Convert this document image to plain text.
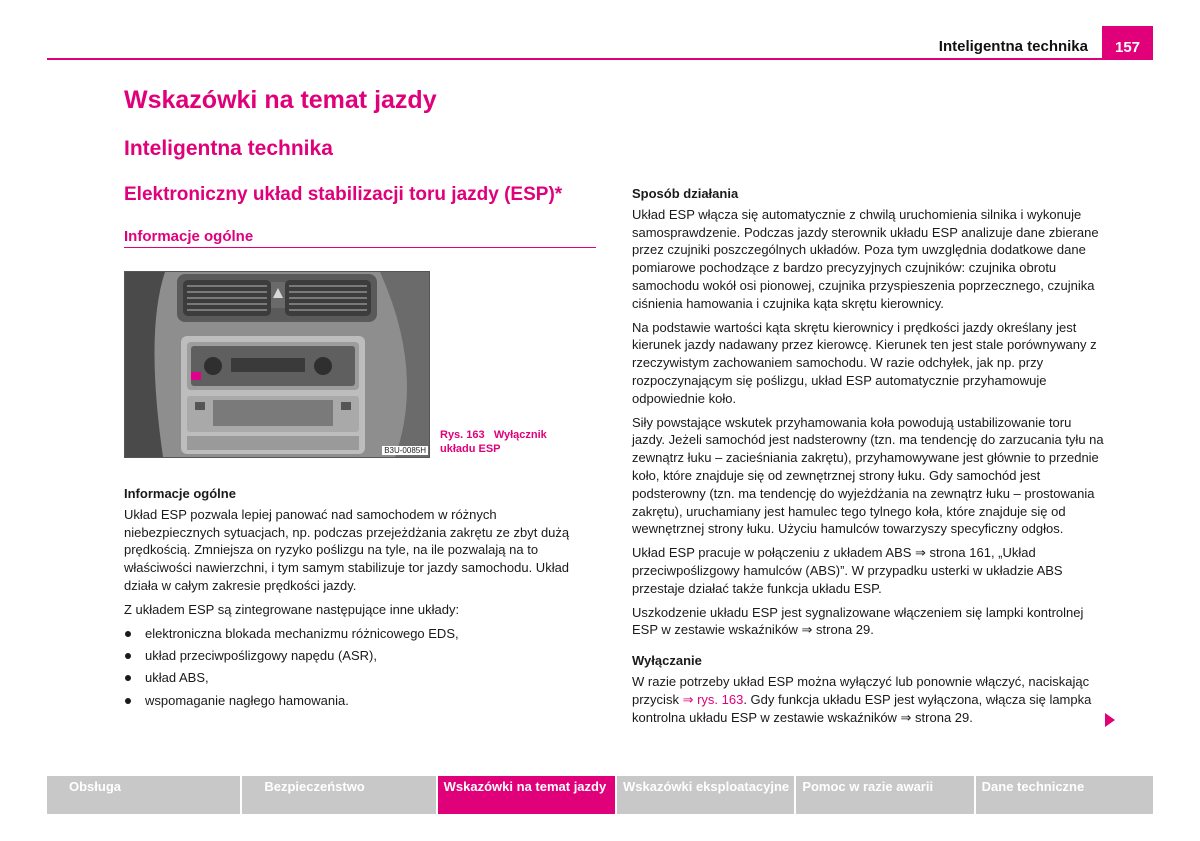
Inteligentna technika	157
Wskazówki na temat jazdy
Inteligentna technika
Elektroniczny układ stabilizacji toru jazdy (ESP)*
Informacje ogólne
B3U-0085H
Rys. 163   Wyłącznik
układu ESP

Informacje ogólne

Układ ESP pozwala lepiej panować nad samochodem w różnych niebezpiecznych sytuacjach, np. podczas przejeżdżania zakrętu ze zbyt dużą prędkością. Zmniejsza on ryzyko poślizgu na tyle, na ile pozwalają na to właściwości nawierzchni, i tym samym stabilizuje tor jazdy samochodu. Układ działa w całym zakresie prędkości jazdy.

Z układem ESP są zintegrowane następujące inne układy:

elektroniczna blokada mechanizmu różnicowego EDS,
układ przeciwpoślizgowy napędu (ASR),
układ ABS,
wspomaganie nagłego hamowania.

Sposób działania

Układ ESP włącza się automatycznie z chwilą uruchomienia silnika i wykonuje samosprawdzenie. Podczas jazdy sterownik układu ESP analizuje dane zbierane przez czujniki poszczególnych układów. Poza tym uwzględnia dodatkowe dane pomiarowe pochodzące z bardzo precyzyjnych czujników: czujnika obrotu samochodu wokół osi pionowej, czujnika przyspieszenia poprzecznego, czujnika ciśnienia hamowania i czujnika kąta skrętu kierownicy.

Na podstawie wartości kąta skrętu kierownicy i prędkości jazdy określany jest kierunek jazdy nadawany przez kierowcę. Kierunek ten jest stale porównywany z rzeczywistym zachowaniem samochodu. W razie odchyłek, jak np. przy rozpoczynającym się poślizgu, układ ESP automatycznie przyhamowuje odpowiednie koło.

Siły powstające wskutek przyhamowania koła powodują ustabilizowanie toru jazdy. Jeżeli samochód jest nadsterowny (tzn. ma tendencję do zarzucania tyłu na zewnątrz łuku – zacieśniania zakrętu), przyhamowywane jest głównie to przednie koło, które znajduje się od zewnętrznej strony łuku. Gdy samochód jest podsterowny (tzn. ma tendencję do wyjeżdżania na zewnątrz łuku – prostowania zakrętu), uruchamiany jest hamulec tego tylnego koła, które znajduje się od wewnętrznej strony łuku. Użyciu hamulców towarzyszy specyficzny odgłos.

Układ ESP pracuje w połączeniu z układem ABS ⇒ strona 161, „Układ przeciwpoślizgowy hamulców (ABS)”. W przypadku usterki w układzie ABS przestaje działać także funkcja układu ESP.

Uszkodzenie układu ESP jest sygnalizowane włączeniem się lampki kontrolnej ESP w zestawie wskaźników ⇒ strona 29.

Wyłączanie

W razie potrzeby układ ESP można wyłączyć lub ponownie włączyć, naciskając przycisk ⇒ rys. 163. Gdy funkcja układu ESP jest wyłączona, włącza się lampka kontrolna układu ESP w zestawie wskaźników ⇒ strona 29.

Obsługa	Bezpieczeństwo	Wskazówki na temat jazdy	Wskazówki eksploatacyjne	Pomoc w razie awarii	Dane techniczne
